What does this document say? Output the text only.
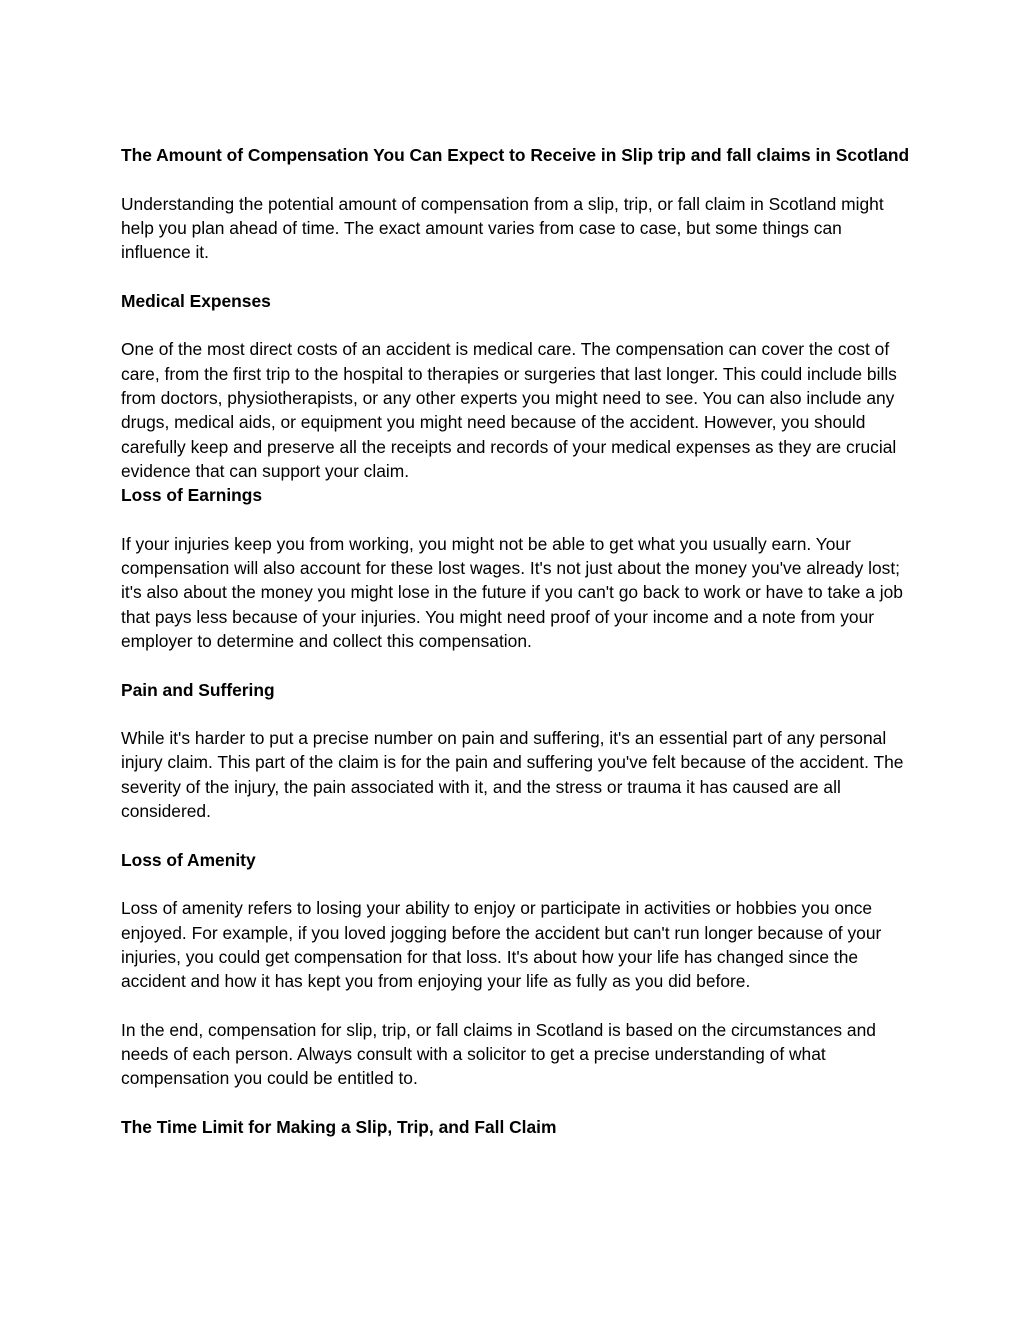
The Amount of Compensation You Can Expect to Receive in Slip trip and fall claims in Scotland

Understanding the potential amount of compensation from a slip, trip, or fall claim in Scotland might help you plan ahead of time. The exact amount varies from case to case, but some things can influence it.

Medical Expenses

One of the most direct costs of an accident is medical care. The compensation can cover the cost of care, from the first trip to the hospital to therapies or surgeries that last longer. This could include bills from doctors, physiotherapists, or any other experts you might need to see. You can also include any drugs, medical aids, or equipment you might need because of the accident. However, you should carefully keep and preserve all the receipts and records of your medical expenses as they are crucial evidence that can support your claim.

Loss of Earnings

If your injuries keep you from working, you might not be able to get what you usually earn. Your compensation will also account for these lost wages. It's not just about the money you've already lost; it's also about the money you might lose in the future if you can't go back to work or have to take a job that pays less because of your injuries. You might need proof of your income and a note from your employer to determine and collect this compensation.

Pain and Suffering

While it's harder to put a precise number on pain and suffering, it's an essential part of any personal injury claim. This part of the claim is for the pain and suffering you've felt because of the accident. The severity of the injury, the pain associated with it, and the stress or trauma it has caused are all considered.

Loss of Amenity

Loss of amenity refers to losing your ability to enjoy or participate in activities or hobbies you once enjoyed. For example, if you loved jogging before the accident but can't run longer because of your injuries, you could get compensation for that loss. It's about how your life has changed since the accident and how it has kept you from enjoying your life as fully as you did before.

In the end, compensation for slip, trip, or fall claims in Scotland is based on the circumstances and needs of each person. Always consult with a solicitor to get a precise understanding of what compensation you could be entitled to.

The Time Limit for Making a Slip, Trip, and Fall Claim
